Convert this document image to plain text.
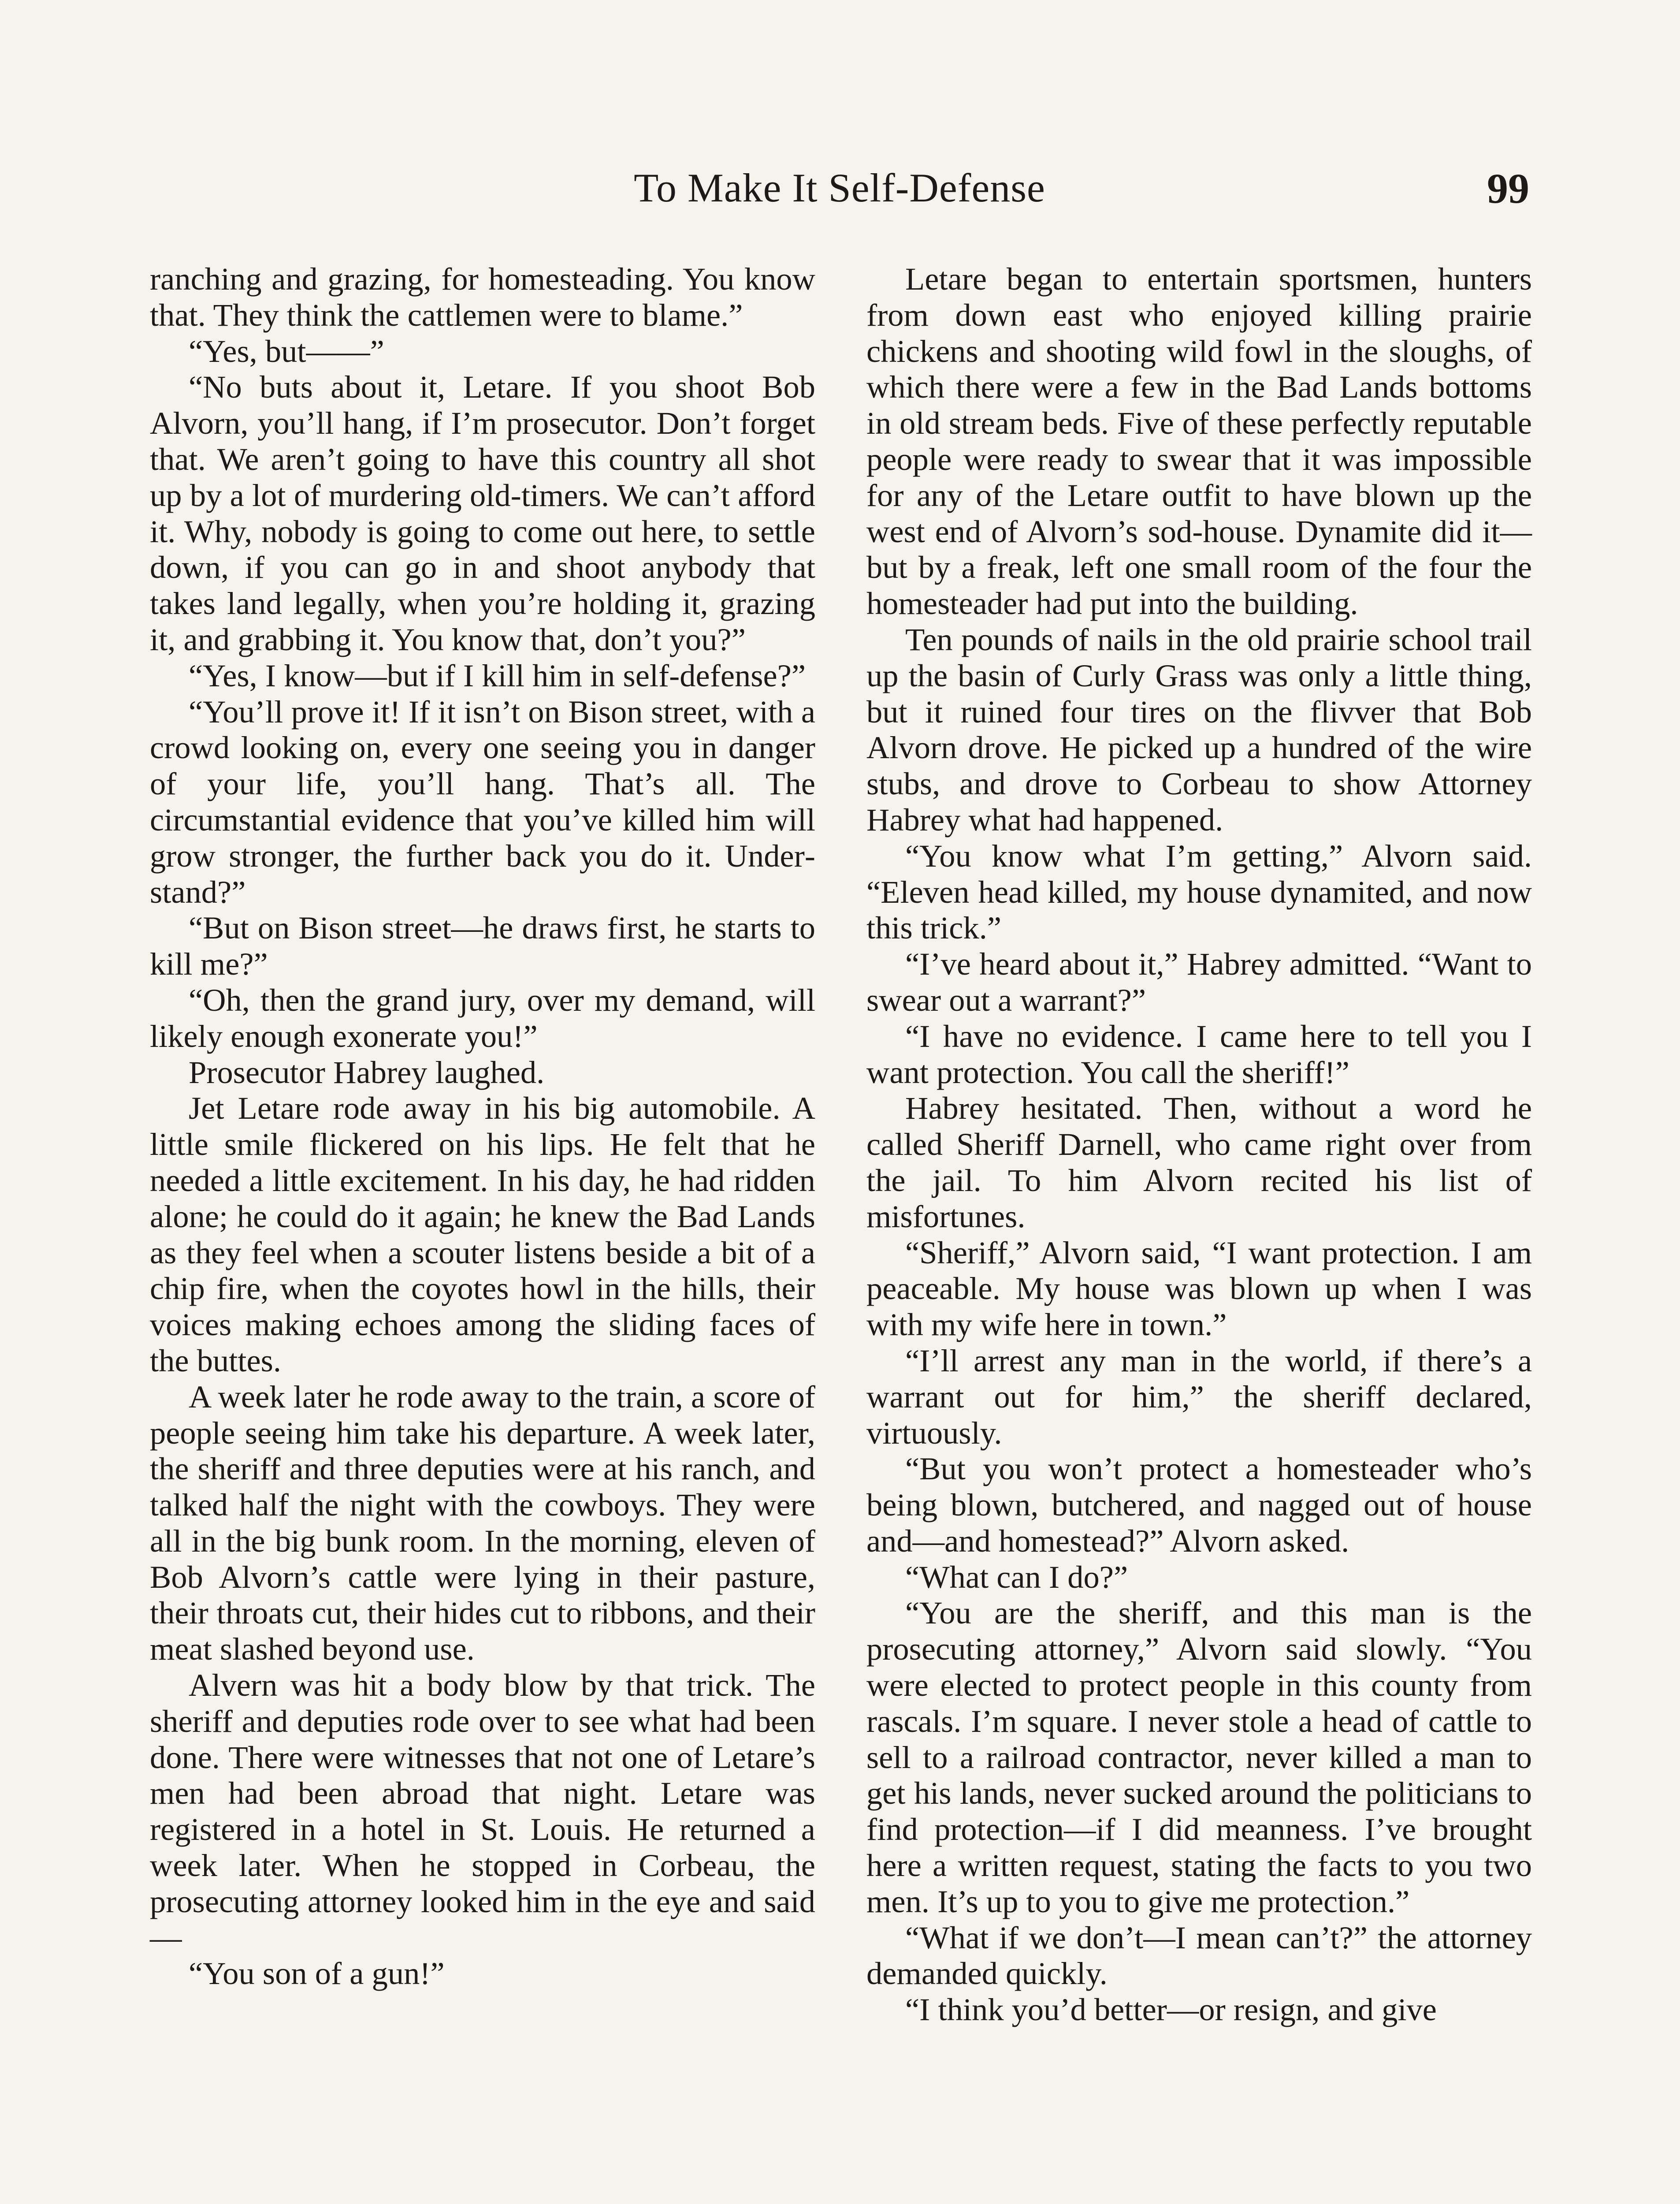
To Make It Self-Defense	99

ranching and grazing, for homesteading. You know that. They think the cattlemen were to blame.”

“Yes, but——”

“No buts about it, Letare. If you shoot Bob Alvorn, you’ll hang, if I’m prosecutor. Don’t forget that. We aren’t going to have this country all shot up by a lot of murdering old-timers. We can’t afford it. Why, nobody is going to come out here, to settle down, if you can go in and shoot anybody that takes land legally, when you’re holding it, grazing it, and grabbing it. You know that, don’t you?”

“Yes, I know—but if I kill him in self-defense?”

“You’ll prove it! If it isn’t on Bison street, with a crowd looking on, every one seeing you in danger of your life, you’ll hang. That’s all. The circumstantial evidence that you’ve killed him will grow stronger, the further back you do it. Understand?”

“But on Bison street—he draws first, he starts to kill me?”

“Oh, then the grand jury, over my demand, will likely enough exonerate you!”

Prosecutor Habrey laughed.

Jet Letare rode away in his big automobile. A little smile flickered on his lips. He felt that he needed a little excitement. In his day, he had ridden alone; he could do it again; he knew the Bad Lands as they feel when a scouter listens beside a bit of a chip fire, when the coyotes howl in the hills, their voices making echoes among the sliding faces of the buttes.

A week later he rode away to the train, a score of people seeing him take his departure. A week later, the sheriff and three deputies were at his ranch, and talked half the night with the cowboys. They were all in the big bunk room. In the morning, eleven of Bob Alvorn’s cattle were lying in their pasture, their throats cut, their hides cut to ribbons, and their meat slashed beyond use.

Alvern was hit a body blow by that trick. The sheriff and deputies rode over to see what had been done. There were witnesses that not one of Letare’s men had been abroad that night. Letare was registered in a hotel in St. Louis. He returned a week later. When he stopped in Corbeau, the prosecuting attorney looked him in the eye and said—

“You son of a gun!”

Letare began to entertain sportsmen, hunters from down east who enjoyed killing prairie chickens and shooting wild fowl in the sloughs, of which there were a few in the Bad Lands bottoms in old stream beds. Five of these perfectly reputable people were ready to swear that it was impossible for any of the Letare outfit to have blown up the west end of Alvorn’s sod-house. Dynamite did it—but by a freak, left one small room of the four the homesteader had put into the building.

Ten pounds of nails in the old prairie school trail up the basin of Curly Grass was only a little thing, but it ruined four tires on the flivver that Bob Alvorn drove. He picked up a hundred of the wire stubs, and drove to Corbeau to show Attorney Habrey what had happened.

“You know what I’m getting,” Alvorn said. “Eleven head killed, my house dynamited, and now this trick.”

“I’ve heard about it,” Habrey admitted. “Want to swear out a warrant?”

“I have no evidence. I came here to tell you I want protection. You call the sheriff!”

Habrey hesitated. Then, without a word he called Sheriff Darnell, who came right over from the jail. To him Alvorn recited his list of misfortunes.

“Sheriff,” Alvorn said, “I want protection. I am peaceable. My house was blown up when I was with my wife here in town.”

“I’ll arrest any man in the world, if there’s a warrant out for him,” the sheriff declared, virtuously.

“But you won’t protect a homesteader who’s being blown, butchered, and nagged out of house and—and homestead?” Alvorn asked.

“What can I do?”

“You are the sheriff, and this man is the prosecuting attorney,” Alvorn said slowly. “You were elected to protect people in this county from rascals. I’m square. I never stole a head of cattle to sell to a railroad contractor, never killed a man to get his lands, never sucked around the politicians to find protection—if I did meanness. I’ve brought here a written request, stating the facts to you two men. It’s up to you to give me protection.”

“What if we don’t—I mean can’t?” the attorney demanded quickly.

“I think you’d better—or resign, and give
